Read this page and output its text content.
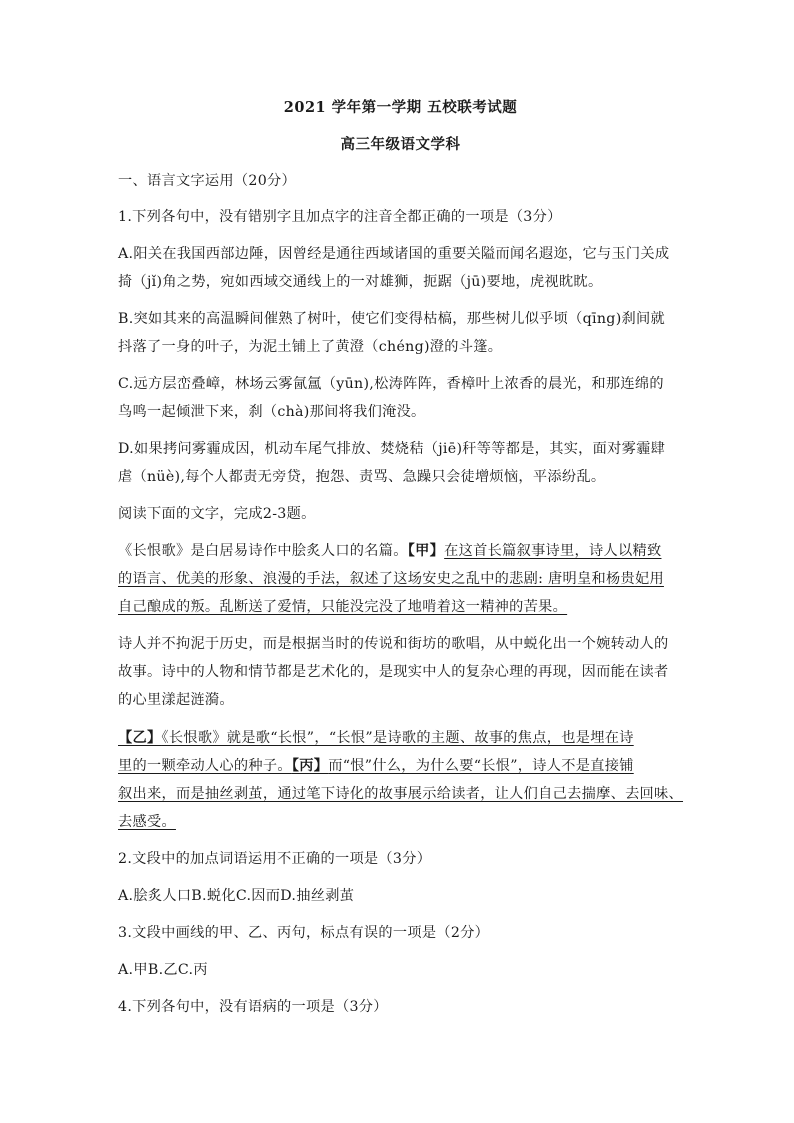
2021 学年第一学期 五校联考试题
高三年级语文学科
一、语言文字运用（20分）
1.下列各句中，没有错别字且加点字的注音全都正确的一项是（3分）
A.阳关在我国西部边陲，因曾经是通往西域诸国的重要关隘而闻名遐迩，它与玉门关成
掎（jǐ)角之势，宛如西域交通线上的一对雄狮，扼踞（jū)要地，虎视眈眈。
B.突如其来的高温瞬间催熟了树叶，使它们变得枯槁，那些树儿似乎顷（qīng)刹间就
抖落了一身的叶子，为泥土铺上了黄澄（chéng)澄的斗篷。
C.远方层峦叠嶂，林场云雾氤氲（yūn),松涛阵阵，香樟叶上浓香的晨光，和那连绵的
鸟鸣一起倾泄下来，刹（chà)那间将我们淹没。
D.如果拷问雾霾成因，机动车尾气排放、焚烧秸（jiē)秆等等都是，其实，面对雾霾肆
虐（nüè),每个人都责无旁贷，抱怨、责骂、急躁只会徒增烦恼，平添纷乱。
阅读下面的文字，完成2-3题。
《长恨歌》是白居易诗作中脍炙人口的名篇。【甲】在这首长篇叙事诗里，诗人以精致
的语言、优美的形象、浪漫的手法，叙述了这场安史之乱中的悲剧: 唐明皇和杨贵妃用
自己酿成的叛。乱断送了爱情，只能没完没了地啃着这一精神的苦果。
诗人并不拘泥于历史，而是根据当时的传说和街坊的歌唱，从中蜕化出一个婉转动人的
故事。诗中的人物和情节都是艺术化的，是现实中人的复杂心理的再现，因而能在读者
的心里漾起涟漪。
【乙】《长恨歌》就是歌“长恨”，“长恨”是诗歌的主题、故事的焦点，也是埋在诗
里的一颗牵动人心的种子。【丙】而“恨”什么，为什么要“长恨”，诗人不是直接铺
叙出来，而是抽丝剥茧，通过笔下诗化的故事展示给读者，让人们自己去揣摩、去回味、
去感受。
2.文段中的加点词语运用不正确的一项是（3分）
A.脍炙人口B.蜕化C.因而D.抽丝剥茧
3.文段中画线的甲、乙、丙句，标点有误的一项是（2分）
A.甲B.乙C.丙
4.下列各句中，没有语病的一项是（3分）
